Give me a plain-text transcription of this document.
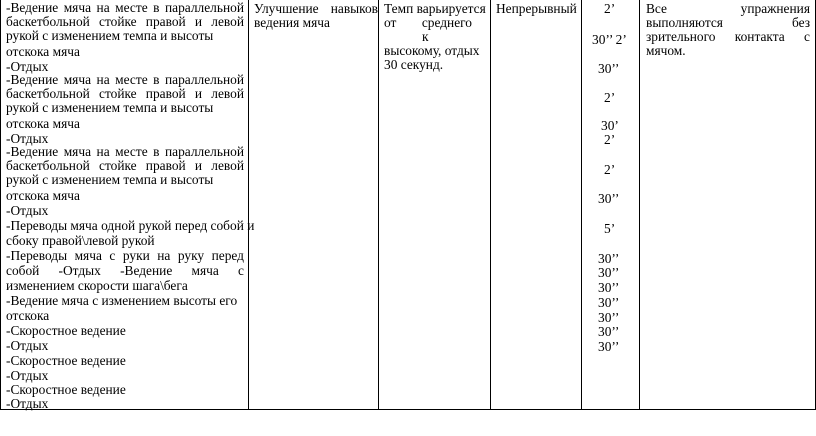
-Ведение мяча на месте в параллельной
баскетбольной стойке правой и левой
рукой с изменением темпа и высоты
отскока мяча
-Отдых
-Ведение мяча на месте в параллельной
баскетбольной стойке правой и левой
рукой с изменением темпа и высоты
отскока мяча
-Отдых
-Ведение мяча на месте в параллельной
баскетбольной стойке правой и левой
рукой с изменением темпа и высоты
отскока мяча
-Отдых
-Переводы мяча одной рукой перед собой и
сбоку правой\левой рукой
-Переводы мяча с руки на руку перед
собой -Отдых -Ведение мяча с
изменением скорости шага\бега
-Ведение мяча с изменением высоты его
отскока
-Скоростное ведение
-Отдых
-Скоростное ведение
-Отдых
-Скоростное ведение
-Отдых
Улучшение навыков
ведения мяча
Темп варьируется
от среднего
к
высокому, отдых
30 секунд.
Непрерывный 2’
30’’ 2’
30’’
2’
30’
2’
2’
30’’
5’
30’’
30’’
30’’
30’’
30’’
30’’
30’’
Все упражнения выполняются без зрительного контакта с мячом.
